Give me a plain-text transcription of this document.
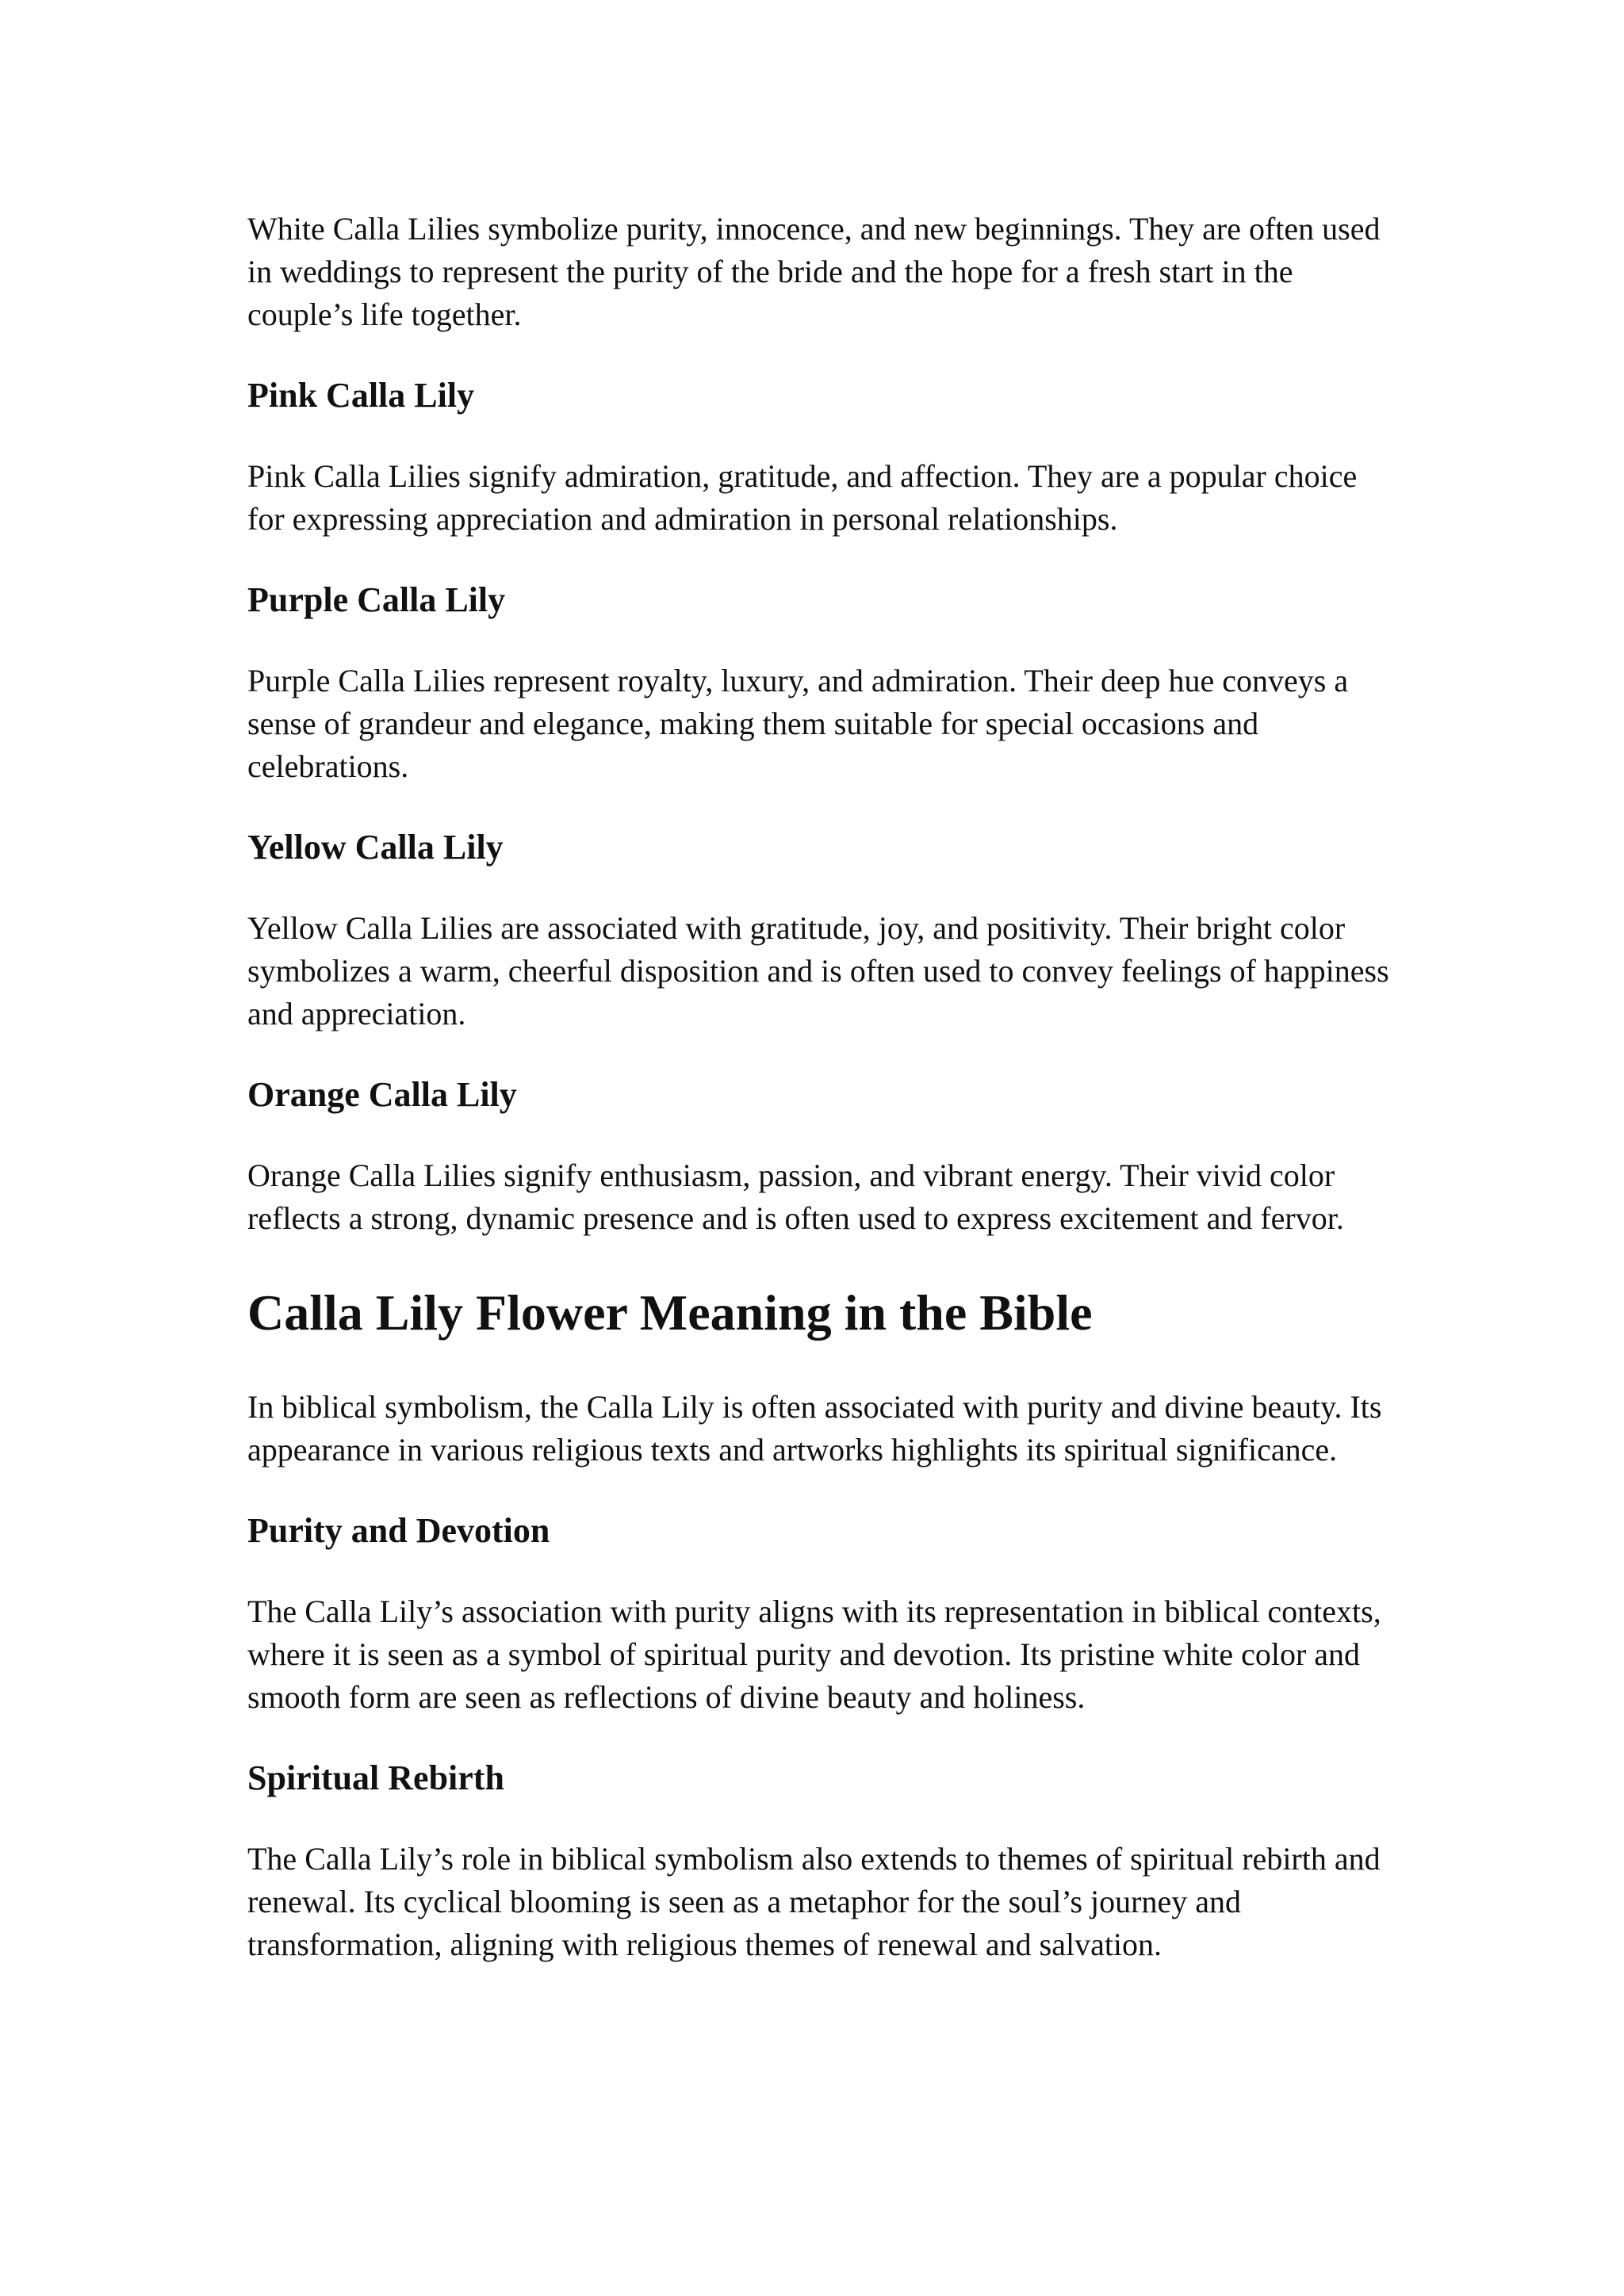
White Calla Lilies symbolize purity, innocence, and new beginnings. They are often used in weddings to represent the purity of the bride and the hope for a fresh start in the couple’s life together.

Pink Calla Lily

Pink Calla Lilies signify admiration, gratitude, and affection. They are a popular choice for expressing appreciation and admiration in personal relationships.

Purple Calla Lily

Purple Calla Lilies represent royalty, luxury, and admiration. Their deep hue conveys a sense of grandeur and elegance, making them suitable for special occasions and celebrations.

Yellow Calla Lily

Yellow Calla Lilies are associated with gratitude, joy, and positivity. Their bright color symbolizes a warm, cheerful disposition and is often used to convey feelings of happiness and appreciation.

Orange Calla Lily

Orange Calla Lilies signify enthusiasm, passion, and vibrant energy. Their vivid color reflects a strong, dynamic presence and is often used to express excitement and fervor.

Calla Lily Flower Meaning in the Bible

In biblical symbolism, the Calla Lily is often associated with purity and divine beauty. Its appearance in various religious texts and artworks highlights its spiritual significance.

Purity and Devotion

The Calla Lily’s association with purity aligns with its representation in biblical contexts, where it is seen as a symbol of spiritual purity and devotion. Its pristine white color and smooth form are seen as reflections of divine beauty and holiness.

Spiritual Rebirth

The Calla Lily’s role in biblical symbolism also extends to themes of spiritual rebirth and renewal. Its cyclical blooming is seen as a metaphor for the soul’s journey and transformation, aligning with religious themes of renewal and salvation.
